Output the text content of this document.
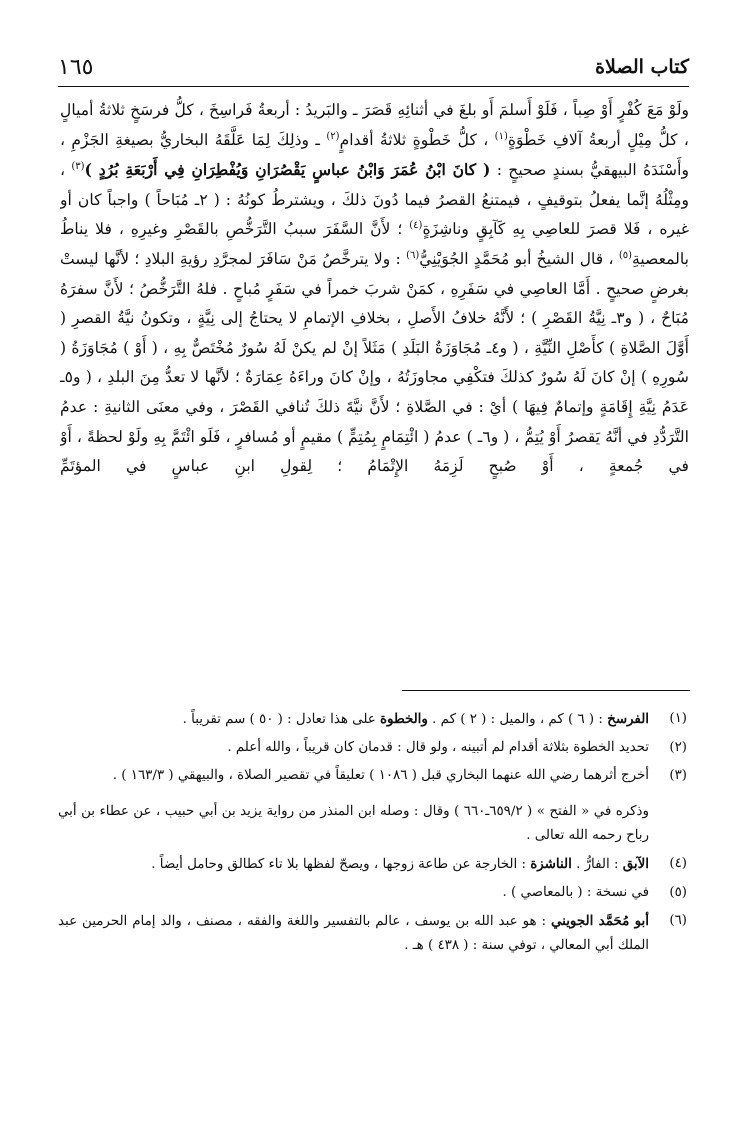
كتاب الصلاة
١٦٥

ولَوْ مَعَ كُفْرٍ أَوْ صِباً ، فَلَوْ أَسلمَ أَو بلغَ في أثنائِهِ قَصَرَ ـ والبَريدُ : أربعةُ فَراسِخَ ، كلُّ فرسَخٍ ثلاثةُ أميالٍ ، كلُّ مِيْلٍ أربعةُ آلافِ خَطْوَةٍ$^{(١)}$ ، كلُّ خَطْوةٍ ثلاثةُ أقدامٍ$^{(٢)}$ ـ وذلِكَ لِمَا عَلَّقَهُ البخاريُّ بصيغةِ الجَزْمِ ، وأَسْنَدَهُ البيهقيُّ بسندٍ صحيحٍ : ( كانَ ابْنُ عُمَرَ وَابْنُ عباسٍ يَقْصُرَانِ وَيُفْطِرَانِ فِي أَرْبَعَةِ بُرُدٍ )$^{(٣)}$ ، ومِثْلُهُ إنَّما يفعلُ بتوقيفٍ ، فيمتنعُ القصرُ فيما دُونَ ذلكَ ، ويشترطُ كونُهُ : ( ٢ـ مُبَاحاً ) واجباً كان أو غيره ، فَلا قصرَ للعاصِي بِهِ كَآبِقٍ وناشِزَةٍ$^{(٤)}$ ؛ لأَنَّ السَّفَرَ سببُ التَّرَخُّصِ بالقَصْرِ وغيرِهِ ، فلا يناطُ بالمعصيةِ$^{(٥)}$ ، قال الشيخُ أبو مُحَمَّدٍ الجُوَيْنِيُّ$^{(٦)}$ : ولا يترخَّصُ مَنْ سَافَرَ لمجرَّدِ رؤيةِ البلادِ ؛ لأنَّها ليستْ بغرضٍ صحيحٍ . أَمَّا العاصِي في سَفَرِهِ ، كمَنْ شربَ خمراً في سَفَرٍ مُباحٍ . فلهُ التَّرَخُّصُ ؛ لأَنَّ سفرَهُ مُبَاحٌ ، ( و٣ـ نِيَّةُ القَصْرِ ) ؛ لأَنَّهُ خلافُ الأَصلِ ، بخلافِ الإتمامِ لا يحتاجُ إلى نِيَّةٍ ، وتكونُ نيَّةُ القصرِ ( أَوَّلَ الصَّلاةِ ) كأَصْلِ النِّيَّةِ ، ( و٤ـ مُجَاوَزَةُ البَلَدِ ) مَثَلاً إنْ لم يكنْ لَهُ سُورٌ مُخْتَصٌّ بِهِ ، ( أَوْ ) مُجَاوَزَةُ ( سُورِهِ ) إنْ كانَ لَهُ سُورٌ كذلكَ فتكْفِي مجاوزَتُهُ ، وإنْ كانَ وراءَهُ عِمَارَةٌ ؛ لأنَّها لا تعدُّ مِنَ البلدِ ، ( و٥ـ عَدَمُ نِيَّةِ إِقَامَةٍ وإتمامٌ فِيهَا ) أيْ : في الصَّلاةِ ؛ لأَنَّ نيَّةَ ذلكَ تُنافي القَصْرَ ، وفي معنَى الثانيةِ : عدمُ التَّرَدُّدِ في أنَّهُ يَقصرُ أَوْ يُتِمُّ ، ( و٦ـ ) عدمُ ( ائْتِمَامٍ بِمُتِمٍّ ) مقيمٍ أو مُسافرٍ ، فَلَو ائْتَمَّ بِهِ ولَوْ لحظةً ، أَوْ في جُمعةٍ ، أَوْ صُبحٍ لَزِمَهُ الإِتْمَامُ ؛ لِقولِ ابنِ عباسٍ في المؤتَمِّ

(١)
الفرسخ : ( ٦ ) كم ، والميل : ( ٢ ) كم . والخطوة على هذا تعادل : ( ٥٠ ) سم تقريباً .
(٢)
تحديد الخطوة بثلاثة أقدام لم أتبينه ، ولو قال : قدمان كان قريباً ، والله أعلم .
(٣)
أخرج أثرهما رضي الله عنهما البخاري قبل ( ١٠٨٦ ) تعليقاً في تقصير الصلاة ، والبيهقي ( ١٦٣/٣ ) .
وذكره في « الفتح » ( ٦٥٩/٢ـ٦٦٠ ) وقال : وصله ابن المنذر من رواية يزيد بن أبي حبيب ، عن عطاء بن أبي رباح رحمه الله تعالى .
(٤)
الآبق : الفارُّ . الناشزة : الخارجة عن طاعة زوجها ، ويصحّ لفظها بلا تاء كطالق وحامل أيضاً .
(٥)
في نسخة : ( بالمعاصي ) .
(٦)
أبو مُحَمَّد الجويني : هو عبد الله بن يوسف ، عالم بالتفسير واللغة والفقه ، مصنف ، والد إمام الحرمين عبد الملك أبي المعالي ، توفي سنة : ( ٤٣٨ ) هـ .
